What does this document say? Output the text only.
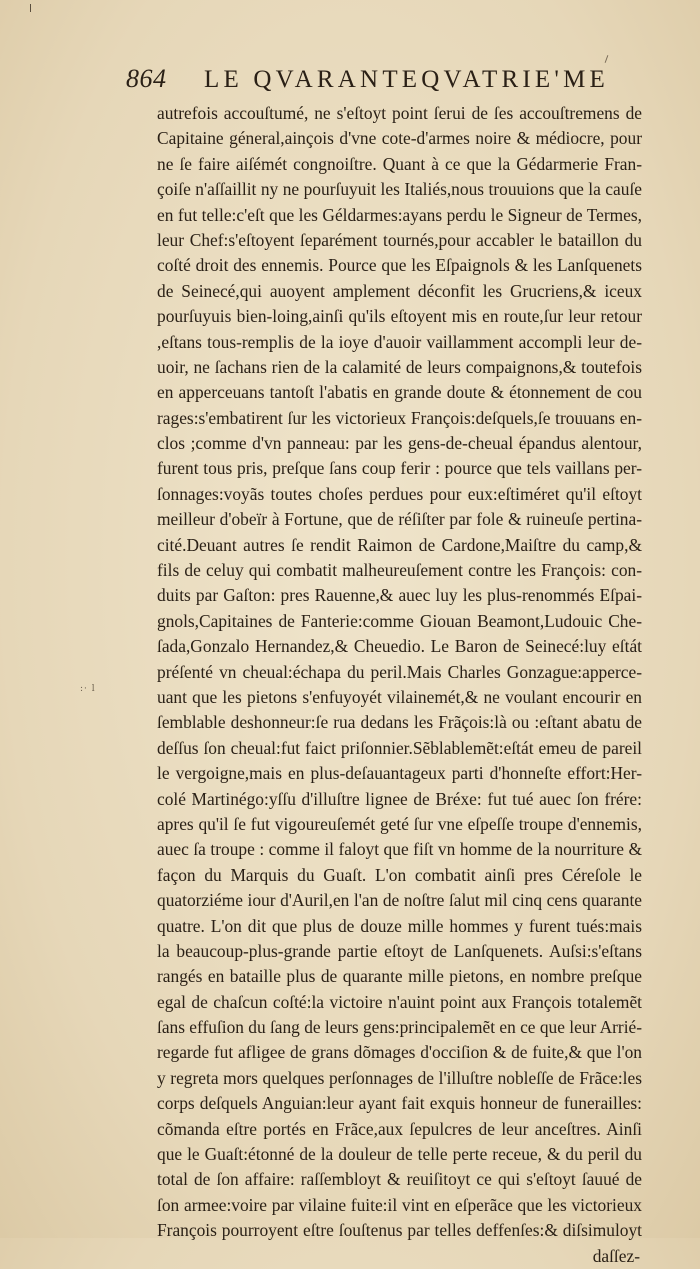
864 LE QVARANTEQVATRIE'ME
:· l
autrefois accouſtumé, ne s'eſtoyt point ſerui de ſes accouſtremens de
Capitaine géneral,ainçois d'vne cote-d'armes noire & médiocre, pour
ne ſe faire aiſémét congnoiſtre. Quant à ce que la Gédarmerie Fran-
çoiſe n'aſſaillit ny ne pourſuyuit les Italiés,nous trouuions que la cauſe
en fut telle:c'eſt que les Géldarmes:ayans perdu le Signeur de Termes,
leur Chef:s'eſtoyent ſeparément tournés,pour accabler le bataillon du
coſté droit des ennemis. Pource que les Eſpaignols & les Lanſquenets
de Seinecé,qui auoyent amplement déconfit les Grucriens,& iceux
pourſuyuis bien-loing,ainſi qu'ils eſtoyent mis en route,ſur leur retour
,eſtans tous-remplis de la ioye d'auoir vaillamment accompli leur de-
uoir, ne ſachans rien de la calamité de leurs compaignons,& toutefois
en apperceuans tantoſt l'abatis en grande doute & étonnement de cou
rages:s'embatirent ſur les victorieux François:deſquels,ſe trouuans en-
clos ;comme d'vn panneau: par les gens-de-cheual épandus alentour,
furent tous pris, preſque ſans coup ferir : pource que tels vaillans per-
ſonnages:voyãs toutes choſes perdues pour eux:eſtiméret qu'il eſtoyt
meilleur d'obeïr à Fortune, que de réſiſter par fole & ruineuſe pertina-
cité.Deuant autres ſe rendit Raimon de Cardone,Maiſtre du camp,&
fils de celuy qui combatit malheureuſement contre les François: con-
duits par Gaſton: pres Rauenne,& auec luy les plus-renommés Eſpai-
gnols,Capitaines de Fanterie:comme Giouan Beamont,Ludouic Che-
ſada,Gonzalo Hernandez,& Cheuedio. Le Baron de Seinecé:luy eſtát
préſenté vn cheual:échapa du peril.Mais Charles Gonzague:apperce-
uant que les pietons s'enfuyoyét vilainemét,& ne voulant encourir en
ſemblable deshonneur:ſe rua dedans les Frãçois:là ou :eſtant abatu de
deſſus ſon cheual:fut faict priſonnier.Sẽblablemẽt:eſtát emeu de pareil
le vergoigne,mais en plus-deſauantageux parti d'honneſte effort:Her-
colé Martinégo:yſſu d'illuſtre lignee de Bréxe: fut tué auec ſon frére:
apres qu'il ſe fut vigoureuſemét geté ſur vne eſpeſſe troupe d'ennemis,
auec ſa troupe : comme il faloyt que fiſt vn homme de la nourriture &
façon du Marquis du Guaſt. L'on combatit ainſi pres Céreſole le
quatorziéme iour d'Auril,en l'an de noſtre ſalut mil cinq cens quarante
quatre. L'on dit que plus de douze mille hommes y furent tués:mais
la beaucoup-plus-grande partie eſtoyt de Lanſquenets. Auſsi:s'eſtans
rangés en bataille plus de quarante mille pietons, en nombre preſque
egal de chaſcun coſté:la victoire n'auint point aux François totalemẽt
ſans effuſion du ſang de leurs gens:principalemẽt en ce que leur Arrié-
regarde fut afligee de grans dõmages d'occiſion & de fuite,& que l'on
y regreta mors quelques perſonnages de l'illuſtre nobleſſe de Frãce:les
corps deſquels Anguian:leur ayant fait exquis honneur de funerailles:
cõmanda eſtre portés en Frãce,aux ſepulcres de leur anceſtres. Ainſi
que le Guaſt:étonné de la douleur de telle perte receue, & du peril du
total de ſon affaire: raſſembloyt & reuiſitoyt ce qui s'eſtoyt ſauué de
ſon armee:voire par vilaine fuite:il vint en eſperãce que les victorieux
François pourroyent eſtre ſouſtenus par telles deffenſes:& diſsimuloyt
daſſez-
